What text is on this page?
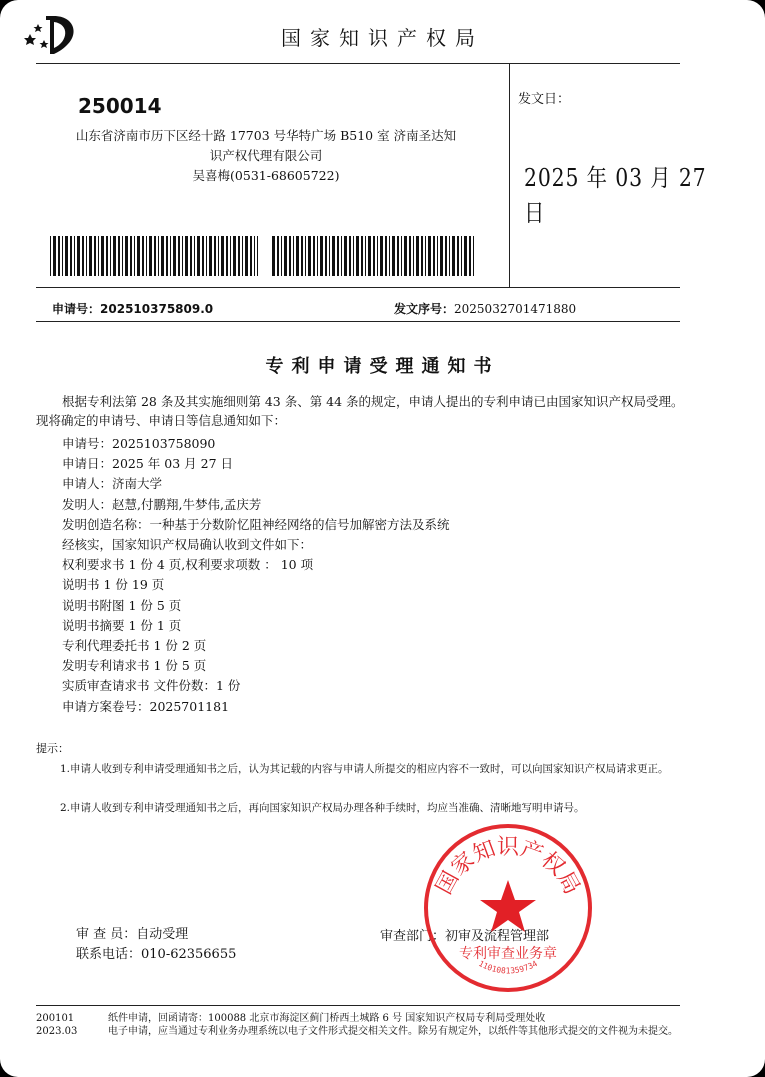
国家知识产权局
250014
山东省济南市历下区经十路 17703 号华特广场 B510 室 济南圣达知
识产权代理有限公司
吴喜梅(0531-68605722)
发文日：
2025 年 03 月 27 日
申请号：202510375809.0	发文序号：2025032701471880
专利申请受理通知书
根据专利法第 28 条及其实施细则第 43 条、第 44 条的规定，申请人提出的专利申请已由国家知识产权局受理。现将确定的申请号、申请日等信息通知如下：
申请号：2025103758090
申请日：2025 年 03 月 27 日
申请人：济南大学
发明人：赵慧,付鹏翔,牛梦伟,孟庆芳
发明创造名称：一种基于分数阶忆阻神经网络的信号加解密方法及系统
经核实，国家知识产权局确认收到文件如下：
权利要求书 1 份 4 页,权利要求项数 ： 10 项
说明书 1 份 19 页
说明书附图 1 份 5 页
说明书摘要 1 份 1 页
专利代理委托书 1 份 2 页
发明专利请求书 1 份 5 页
实质审查请求书 文件份数：1 份
申请方案卷号：2025701181
提示：
1.申请人收到专利申请受理通知书之后，认为其记载的内容与申请人所提交的相应内容不一致时，可以向国家知识产权局请求更正。
2.申请人收到专利申请受理通知书之后，再向国家知识产权局办理各种手续时，均应当准确、清晰地写明申请号。
审 查 员：自动受理
联系电话：010-62356655
审查部门：初审及流程管理部
国家知识产权局
专利审查业务章
1101081359734
200101
2023.03
纸件申请，回函请寄：100088 北京市海淀区蓟门桥西土城路 6 号 国家知识产权局专利局受理处收
电子申请，应当通过专利业务办理系统以电子文件形式提交相关文件。除另有规定外，以纸件等其他形式提交的文件视为未提交。
